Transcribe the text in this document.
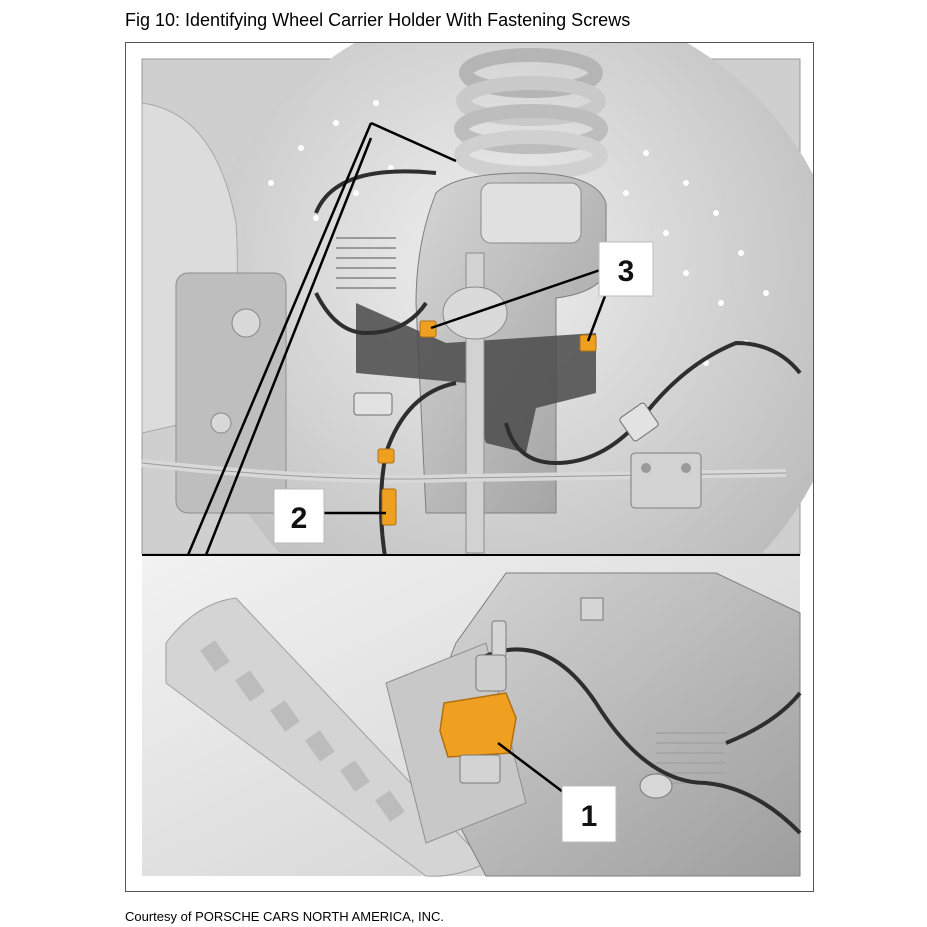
Fig 10: Identifying Wheel Carrier Holder With Fastening Screws
3
2
1
Courtesy of PORSCHE CARS NORTH AMERICA, INC.
